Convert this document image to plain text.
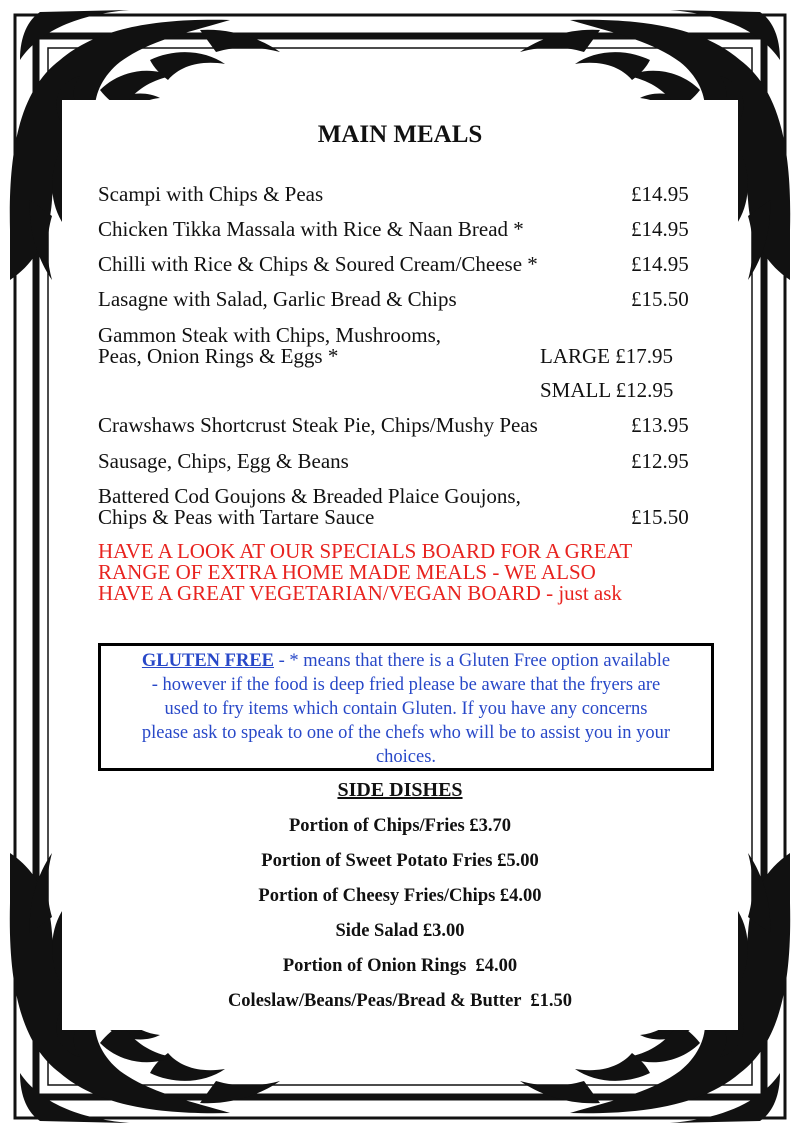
MAIN MEALS
Scampi with Chips & Peas	£14.95
Chicken Tikka Massala with Rice & Naan Bread *	£14.95
Chilli with Rice & Chips & Soured Cream/Cheese *	£14.95
Lasagne with Salad, Garlic Bread & Chips	£15.50
Gammon Steak with Chips, Mushrooms,
Peas, Onion Rings & Eggs *	LARGE £17.95
SMALL £12.95
Crawshaws Shortcrust Steak Pie, Chips/Mushy Peas	£13.95
Sausage, Chips, Egg & Beans	£12.95
Battered Cod Goujons & Breaded Plaice Goujons,
Chips & Peas with Tartare Sauce	£15.50
HAVE A LOOK AT OUR SPECIALS BOARD FOR A GREAT
RANGE OF EXTRA HOME MADE MEALS - WE ALSO
HAVE A GREAT VEGETARIAN/VEGAN BOARD - just ask
GLUTEN FREE - * means that there is a Gluten Free option available
- however if the food is deep fried please be aware that the fryers are
used to fry items which contain Gluten. If you have any concerns
please ask to speak to one of the chefs who will be to assist you in your
choices.
SIDE DISHES
Portion of Chips/Fries £3.70
Portion of Sweet Potato Fries £5.00
Portion of Cheesy Fries/Chips £4.00
Side Salad £3.00
Portion of Onion Rings  £4.00
Coleslaw/Beans/Peas/Bread & Butter  £1.50
